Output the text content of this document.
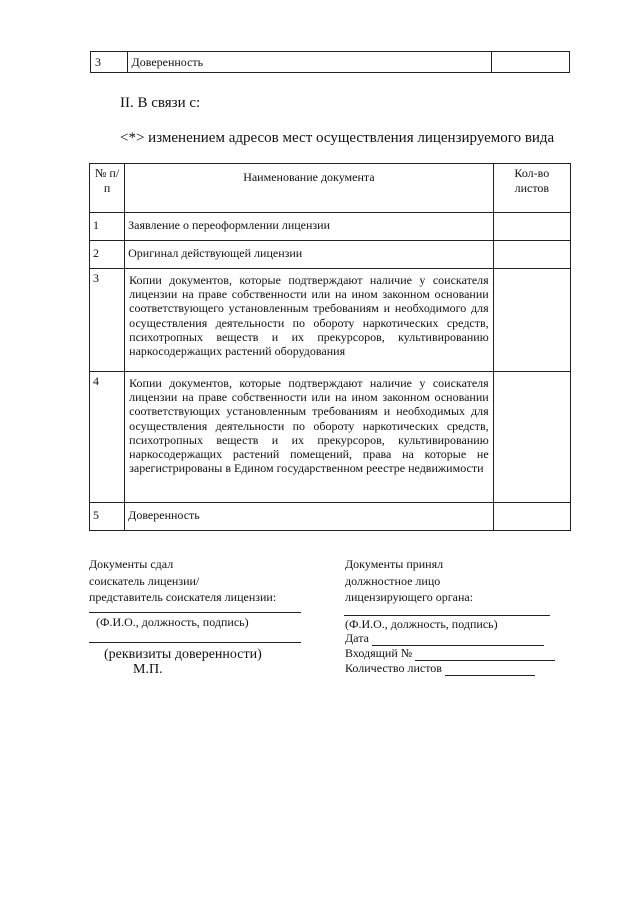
3	Доверенность	
II. В связи с:
<*> изменением адресов мест осуществления лицензируемого вида
№ п/п	Наименование документа	Кол-во листов
1	Заявление о переоформлении лицензии	
2	Оригинал действующей лицензии	
3	Копии документов, которые подтверждают наличие у соискателя лицензии на праве собственности или на ином законном основании соответствующего установленным требованиям и необходимого для осуществления деятельности по обороту наркотических средств, психотропных веществ и их прекурсоров, культивированию наркосодержащих растений оборудования	
4	Копии документов, которые подтверждают наличие у соискателя лицензии на праве собственности или на ином законном основании соответствующих установленным требованиям и необходимых для осуществления деятельности по обороту наркотических средств, психотропных веществ и их прекурсоров, культивированию наркосодержащих растений помещений, права на которые не зарегистрированы в Едином государственном реестре недвижимости	
5	Доверенность	
Документы сдал
соискатель лицензии/
представитель соискателя лицензии:
(Ф.И.О., должность, подпись)
(реквизиты доверенности)
М.П.
Документы принял
должностное лицо
лицензирующего органа:
(Ф.И.О., должность, подпись)
Дата
Входящий №
Количество листов
